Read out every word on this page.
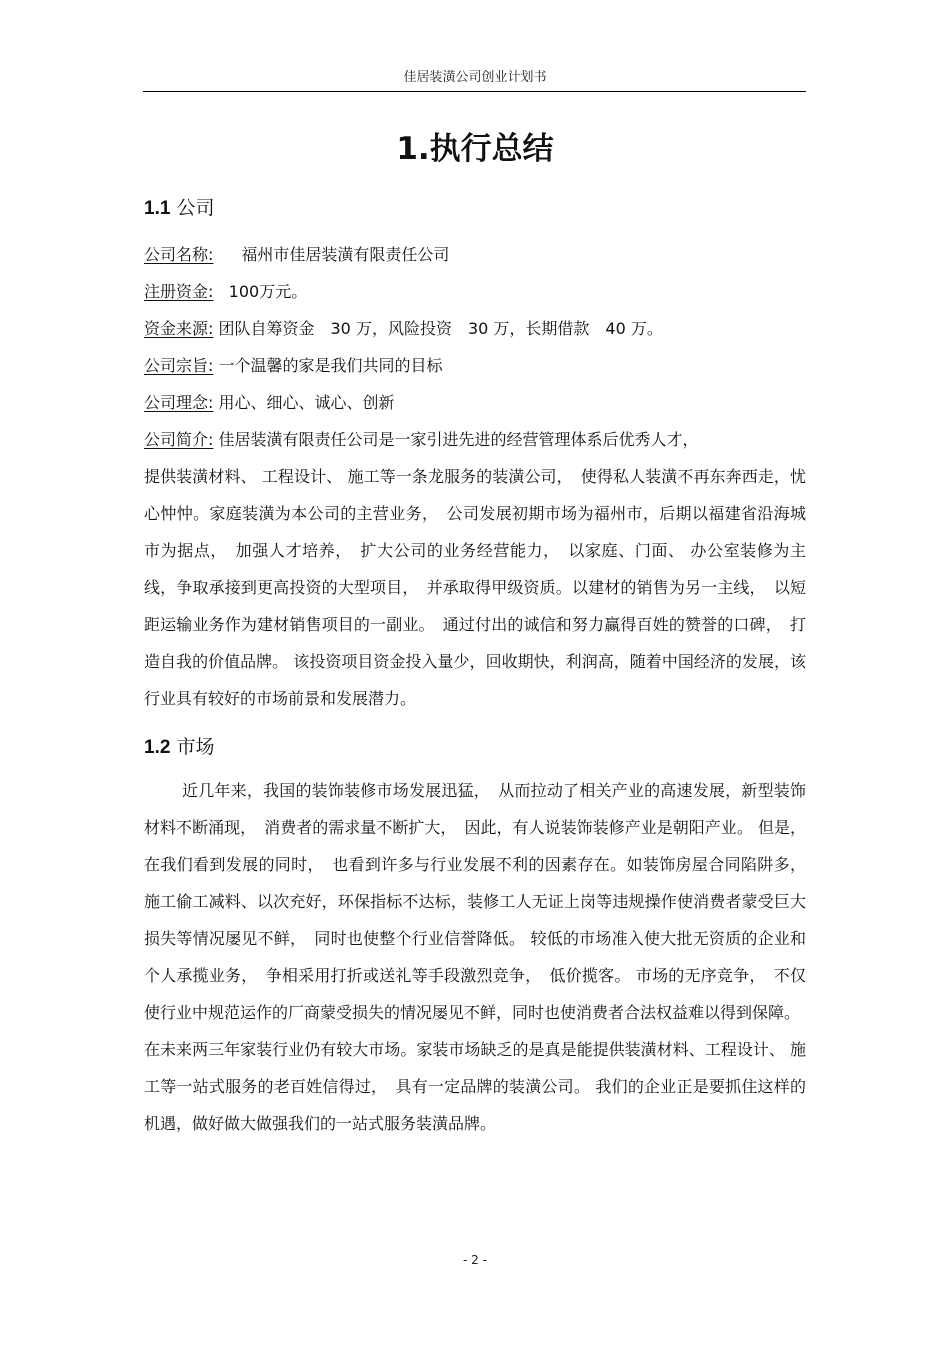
佳居装潢公司创业计划书
1.执行总结
1.1 公司

公司名称: 福州市佳居装潢有限责任公司

注册资金: 100万元。

资金来源: 团队自筹资金　30 万，风险投资　30 万，长期借款　40 万。

公司宗旨: 一个温馨的家是我们共同的目标

公司理念: 用心、细心、诚心、创新

公司简介: 佳居装潢有限责任公司是一家引进先进的经营管理体系后优秀人才，

提供装潢材料、 工程设计、 施工等一条龙服务的装潢公司，　使得私人装潢不再东奔西走，忧心忡忡。家庭装潢为本公司的主营业务，　公司发展初期市场为福州市，后期以福建省沿海城市为据点，　加强人才培养，　扩大公司的业务经营能力，　以家庭、门面、 办公室装修为主线，争取承接到更高投资的大型项目，　并承取得甲级资质。以建材的销售为另一主线，　以短距运输业务作为建材销售项目的一副业。　通过付出的诚信和努力赢得百姓的赞誉的口碑，　打造自我的价值品牌。 该投资项目资金投入量少，回收期快，利润高，随着中国经济的发展，该行业具有较好的市场前景和发展潜力。

1.2 市场

近几年来，我国的装饰装修市场发展迅猛，　从而拉动了相关产业的高速发展，新型装饰材料不断涌现，　消费者的需求量不断扩大，　因此，有人说装饰装修产业是朝阳产业。 但是，在我们看到发展的同时，　也看到许多与行业发展不利的因素存在。如装饰房屋合同陷阱多，施工偷工减料、以次充好，环保指标不达标，装修工人无证上岗等违规操作使消费者蒙受巨大损失等情况屡见不鲜，　同时也使整个行业信誉降低。 较低的市场准入使大批无资质的企业和个人承揽业务，　争相采用打折或送礼等手段激烈竞争，　低价揽客。 市场的无序竞争，　不仅使行业中规范运作的厂商蒙受损失的情况屡见不鲜，同时也使消费者合法权益难以得到保障。

在未来两三年家装行业仍有较大市场。家装市场缺乏的是真是能提供装潢材料、工程设计、 施工等一站式服务的老百姓信得过，　具有一定品牌的装潢公司。 我们的企业正是要抓住这样的机遇，做好做大做强我们的一站式服务装潢品牌。

- 2 -
